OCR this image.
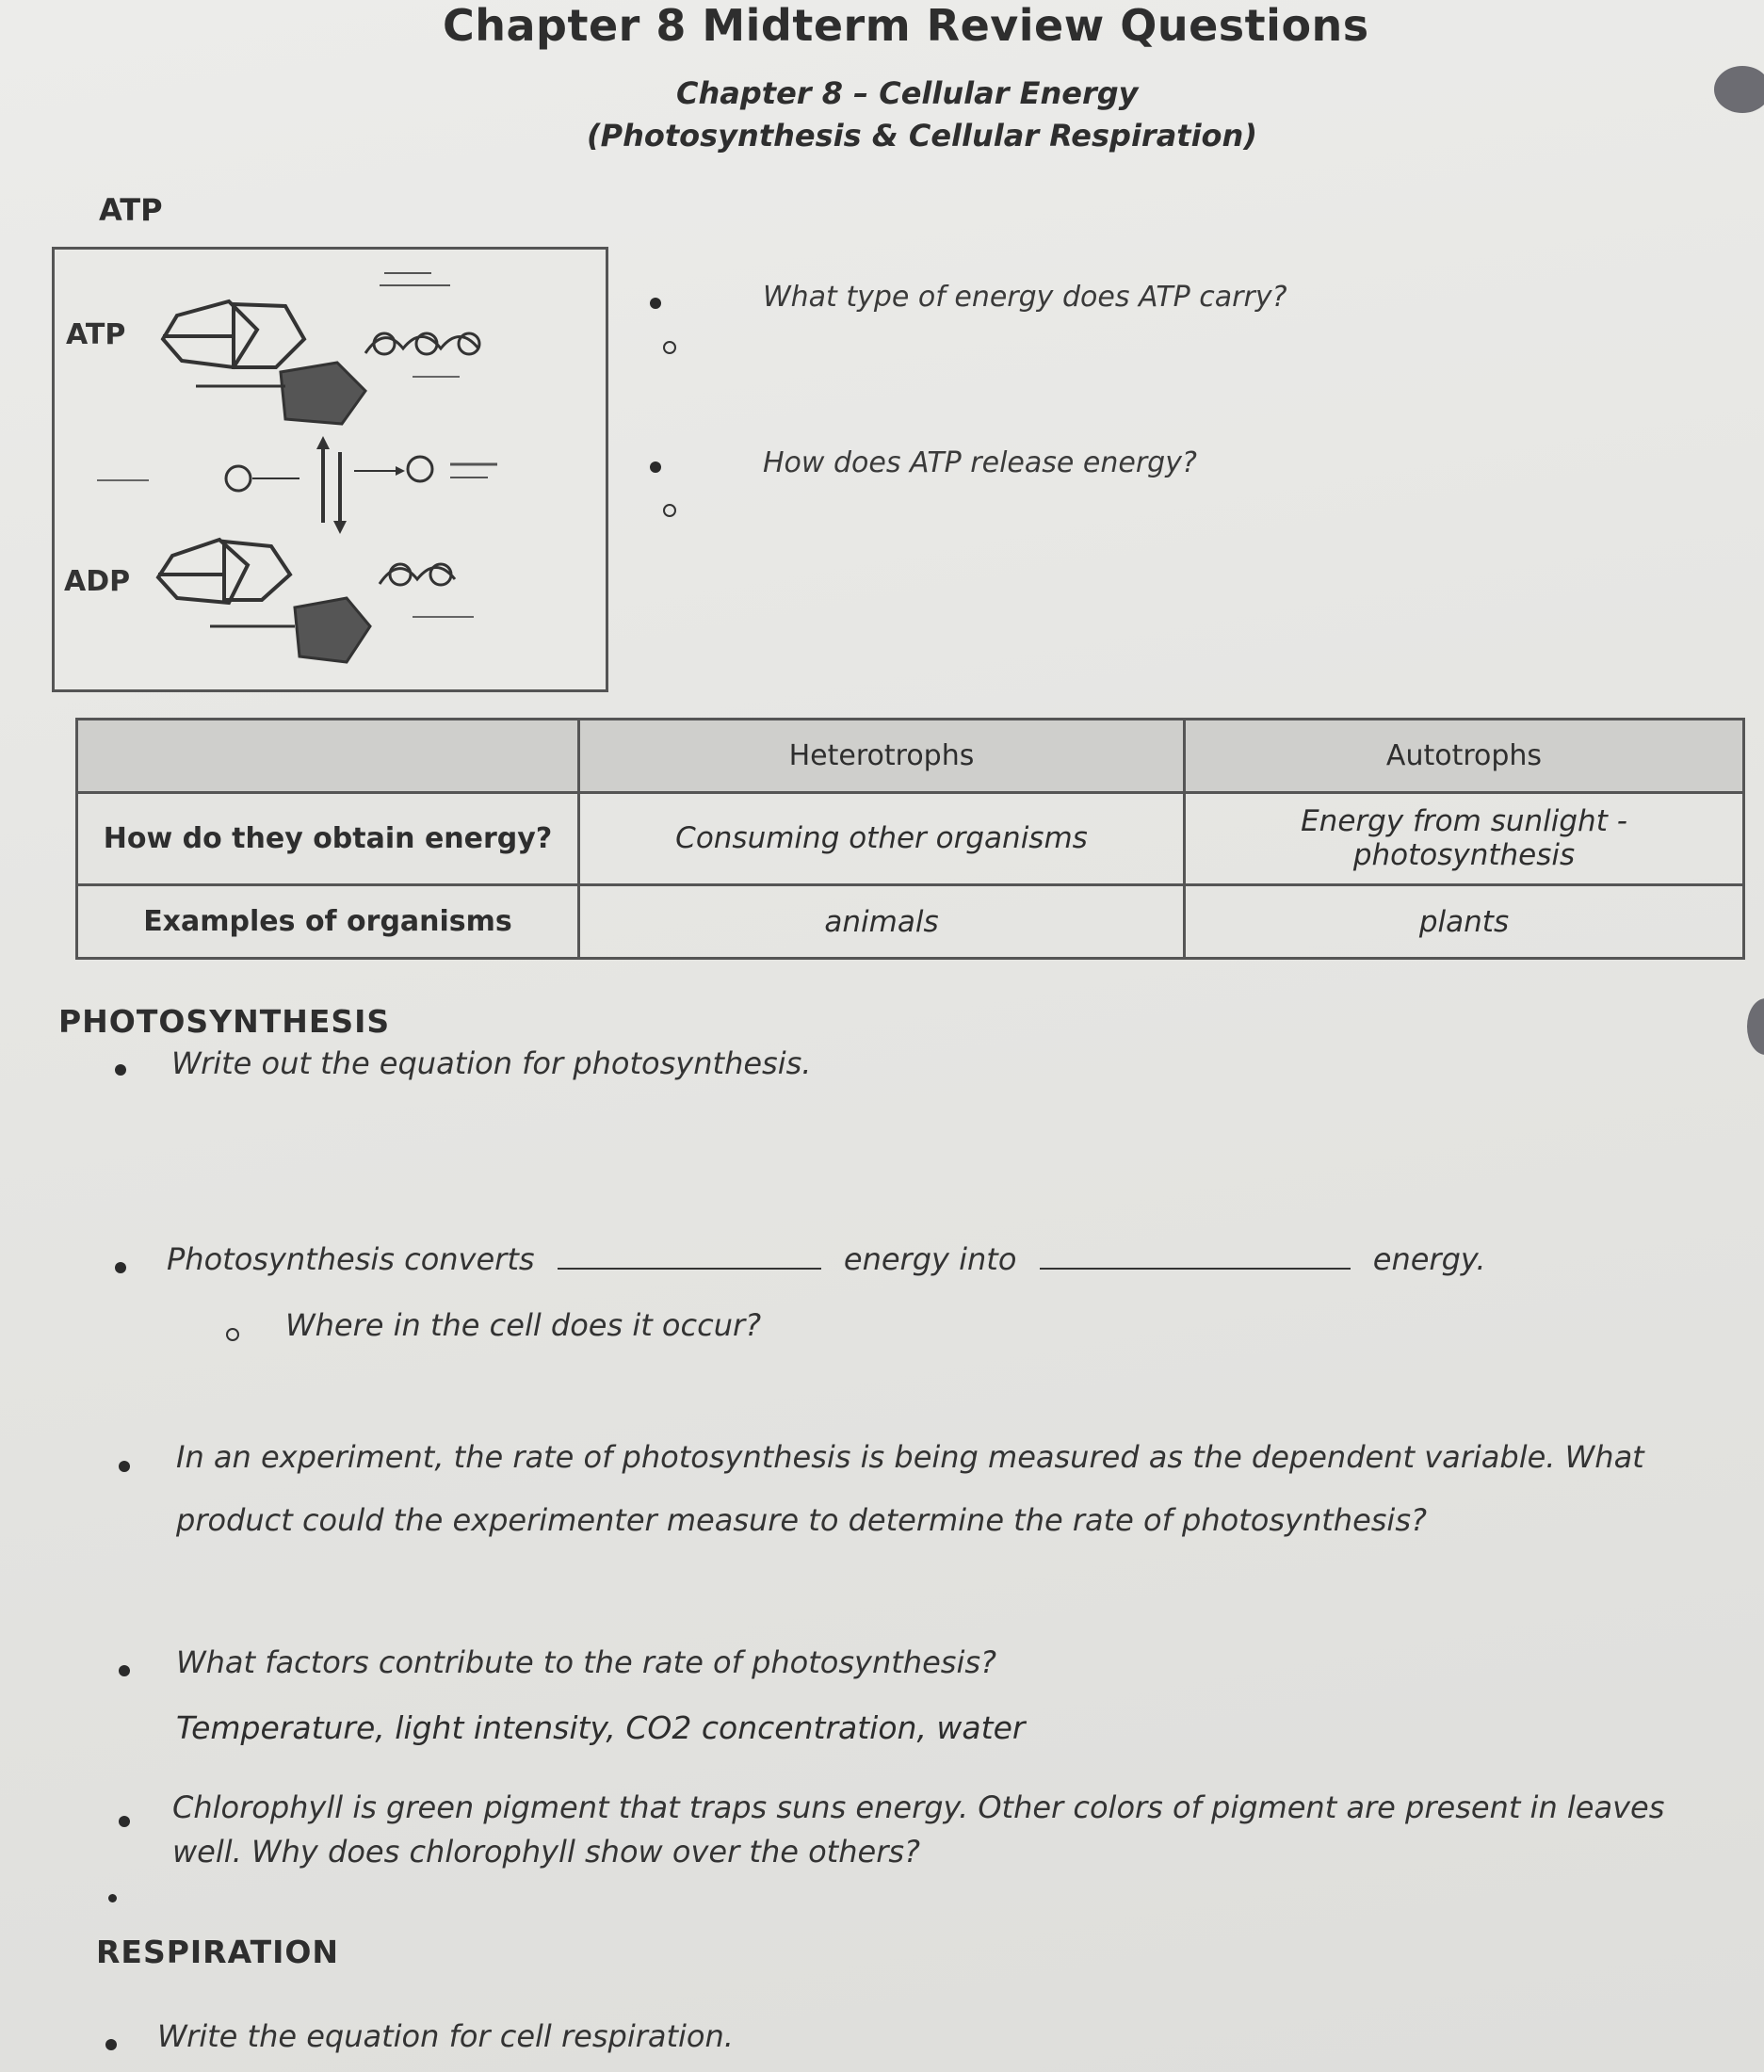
Chapter 8 Midterm Review Questions
Chapter 8 – Cellular Energy
(Photosynthesis & Cellular Respiration)
ATP
ATP
ADP
What type of energy does ATP carry?
How does ATP release energy?
	Heterotrophs	Autotrophs
How do they obtain energy?	Consuming other organisms	Energy from sunlight -
photosynthesis

Examples of organisms	animals	plants
PHOTOSYNTHESIS
Write out the equation for photosynthesis.
Photosynthesis converts	energy into	energy.
Where in the cell does it occur?
In an experiment, the rate of photosynthesis is being measured as the dependent variable. What
product could the experimenter measure to determine the rate of photosynthesis?
What factors contribute to the rate of photosynthesis?
Temperature, light intensity, CO2 concentration, water
Chlorophyll is green pigment that traps suns energy. Other colors of pigment are present in leaves
well. Why does chlorophyll show over the others?
RESPIRATION
Write the equation for cell respiration.
